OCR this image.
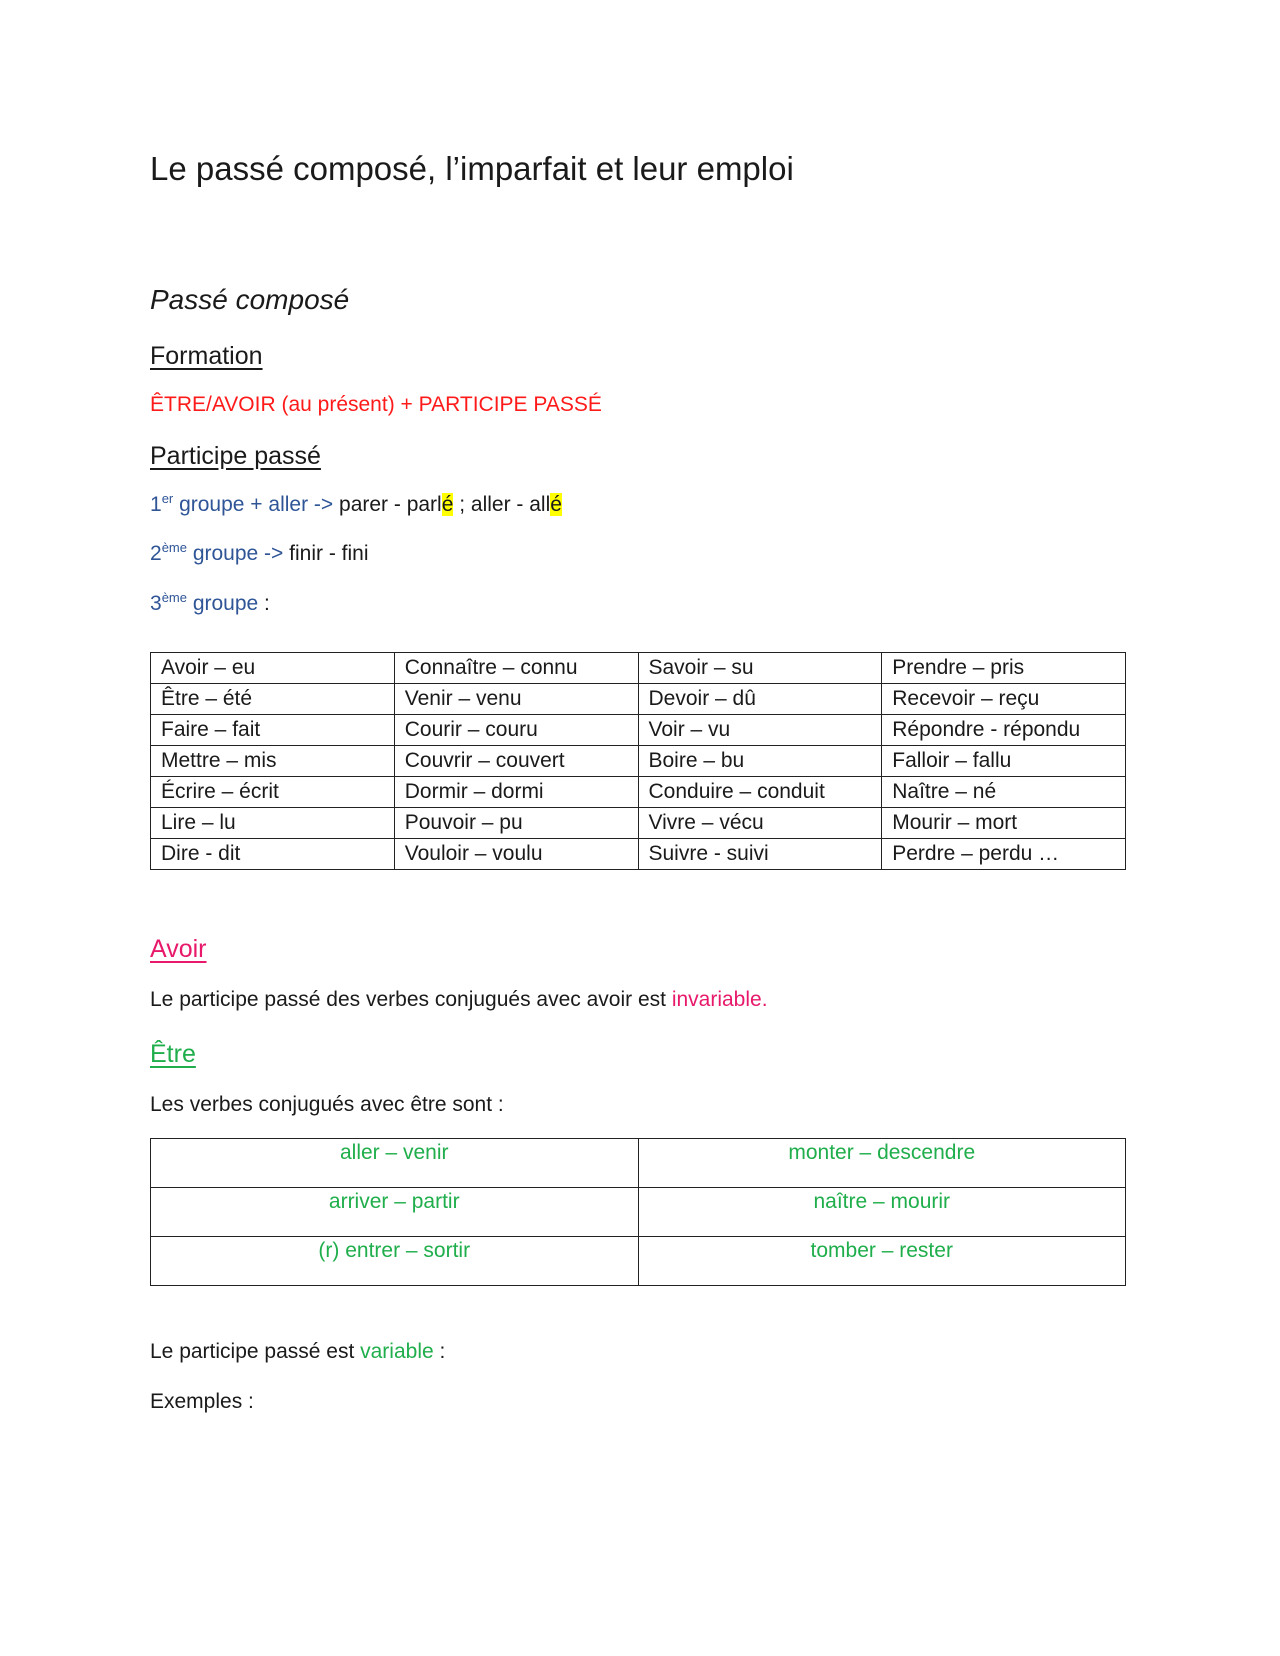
Le passé composé, l’imparfait et leur emploi
Passé composé
Formation
ÊTRE/AVOIR (au présent) + PARTICIPE PASSÉ
Participe passé
1er groupe + aller -> parer - parlé ; aller - allé
2ème groupe -> finir - fini
3ème groupe :
Avoir – eu	Connaître – connu	Savoir – su	Prendre – pris
Être – été	Venir – venu	Devoir – dû	Recevoir – reçu
Faire – fait	Courir – couru	Voir – vu	Répondre - répondu
Mettre – mis	Couvrir – couvert	Boire – bu	Falloir – fallu
Écrire – écrit	Dormir – dormi	Conduire – conduit	Naître – né
Lire – lu	Pouvoir – pu	Vivre – vécu	Mourir – mort
Dire - dit	Vouloir – voulu	Suivre - suivi	Perdre – perdu …
Avoir
Le participe passé des verbes conjugués avec avoir est invariable.
Être
Les verbes conjugués avec être sont :
aller – venir	monter – descendre
arriver – partir	naître – mourir
(r) entrer – sortir	tomber – rester
Le participe passé est variable :
Exemples :
